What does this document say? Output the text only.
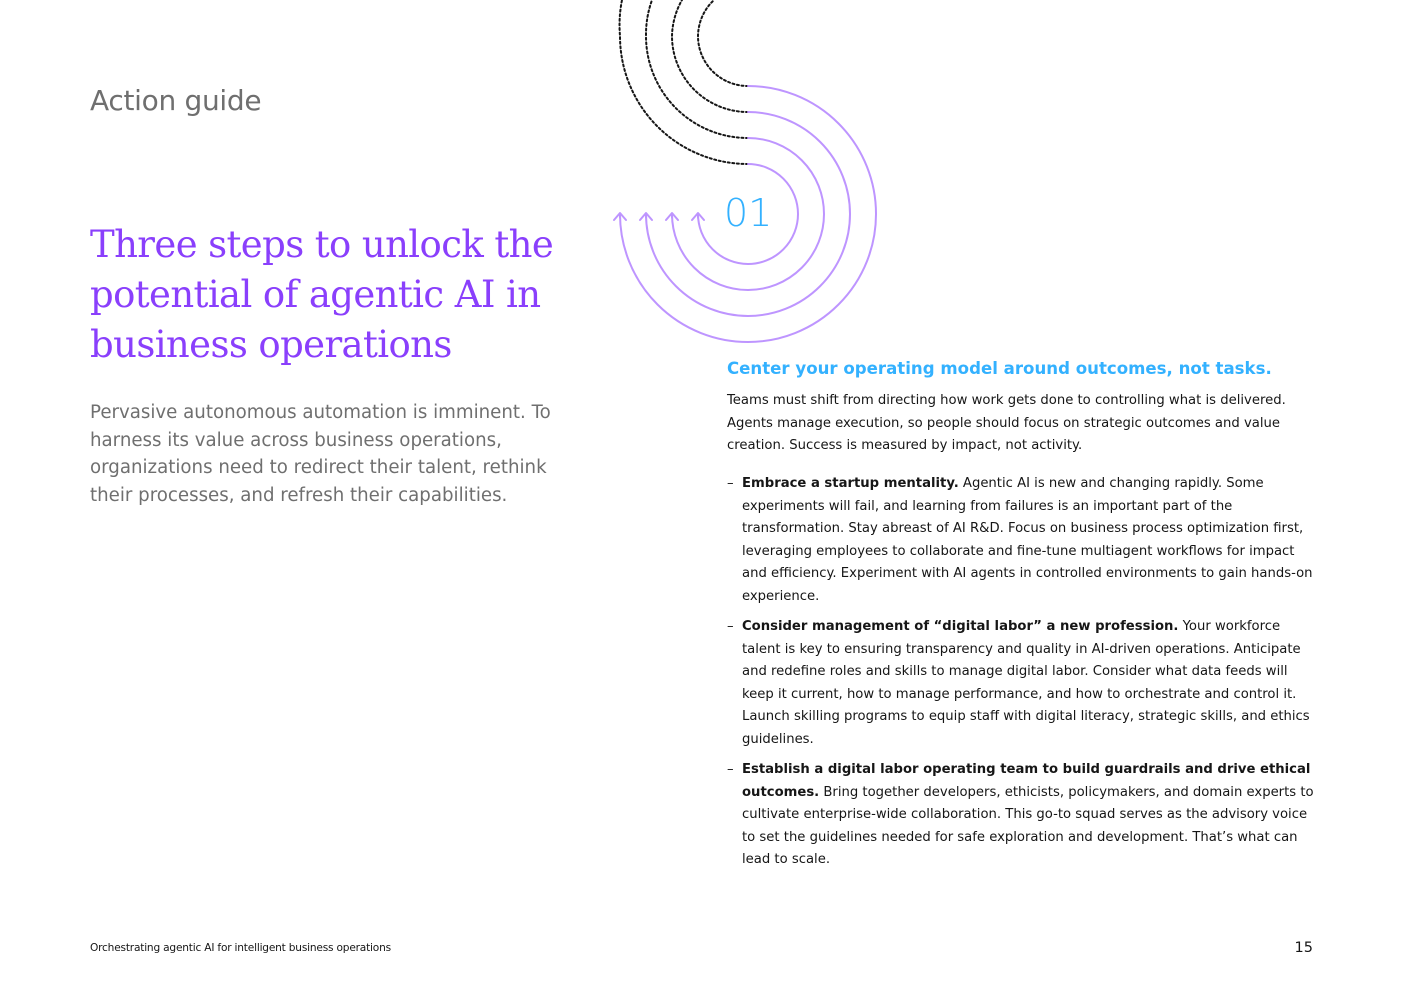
Action guide
Three steps to unlock the potential of agentic AI in business operations

Pervasive autonomous automation is imminent. To harness its value across business operations, organizations need to redirect their talent, rethink their processes, and refresh their capabilities.

01
Center your operating model around outcomes, not tasks.

Teams must shift from directing how work gets done to controlling what is delivered. Agents manage execution, so people should focus on strategic outcomes and value creation. Success is measured by impact, not activity.

– Embrace a startup mentality. Agentic AI is new and changing rapidly. Some experiments will fail, and learning from failures is an important part of the transformation. Stay abreast of AI R&D. Focus on business process optimization first, leveraging employees to collaborate and fine-tune multiagent workflows for impact and efficiency. Experiment with AI agents in controlled environments to gain hands-on experience.
– Consider management of “digital labor” a new profession. Your workforce talent is key to ensuring transparency and quality in AI-driven operations. Anticipate and redefine roles and skills to manage digital labor. Consider what data feeds will keep it current, how to manage performance, and how to orchestrate and control it. Launch skilling programs to equip staff with digital literacy, strategic skills, and ethics guidelines.
– Establish a digital labor operating team to build guardrails and drive ethical outcomes. Bring together developers, ethicists, policymakers, and domain experts to cultivate enterprise-wide collaboration. This go-to squad serves as the advisory voice to set the guidelines needed for safe exploration and development. That’s what can lead to scale.

Orchestrating agentic AI for intelligent business operations	15
